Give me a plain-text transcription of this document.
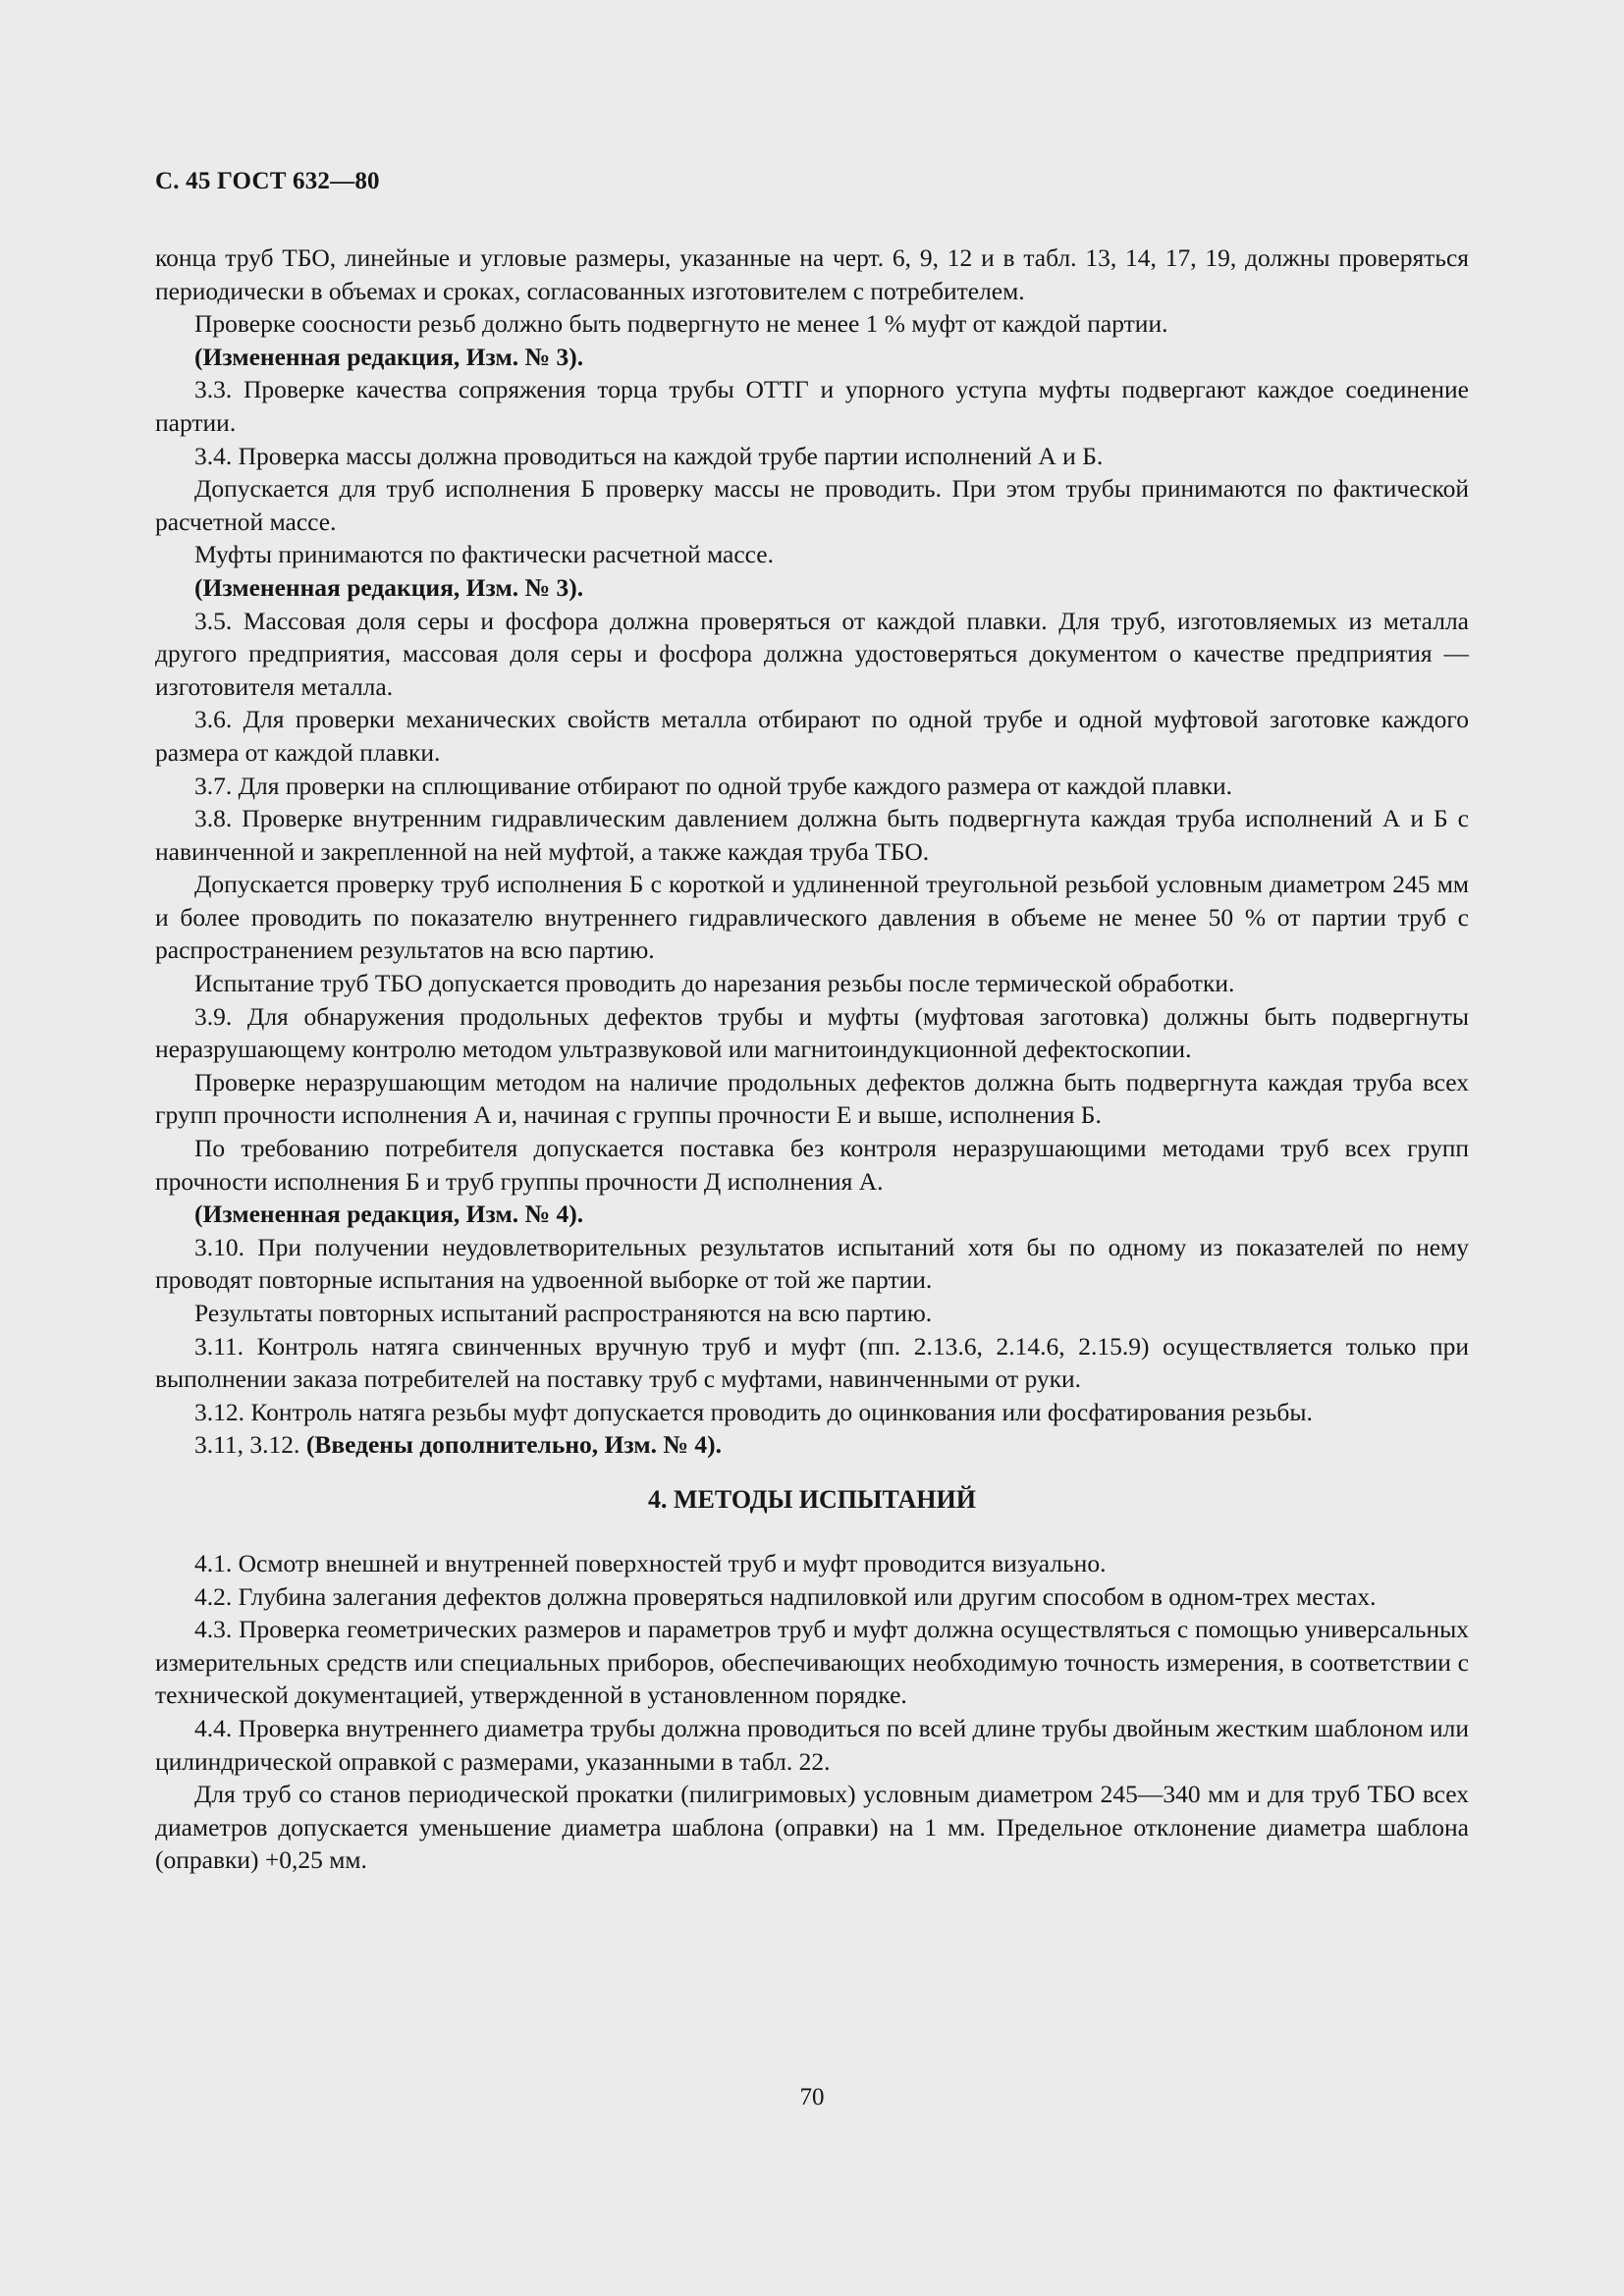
С. 45 ГОСТ 632—80

конца труб ТБО, линейные и угловые размеры, указанные на черт. 6, 9, 12 и в табл. 13, 14, 17, 19, должны проверяться периодически в объемах и сроках, согласованных изготовителем с потребителем.

Проверке соосности резьб должно быть подвергнуто не менее 1 % муфт от каждой партии.

(Измененная редакция, Изм. № 3).

3.3. Проверке качества сопряжения торца трубы ОТТГ и упорного уступа муфты подвергают каждое соединение партии.

3.4. Проверка массы должна проводиться на каждой трубе партии исполнений А и Б.

Допускается для труб исполнения Б проверку массы не проводить. При этом трубы принимаются по фактической расчетной массе.

Муфты принимаются по фактически расчетной массе.

(Измененная редакция, Изм. № 3).

3.5. Массовая доля серы и фосфора должна проверяться от каждой плавки. Для труб, изготовляемых из металла другого предприятия, массовая доля серы и фосфора должна удостоверяться документом о качестве предприятия — изготовителя металла.

3.6. Для проверки механических свойств металла отбирают по одной трубе и одной муфтовой заготовке каждого размера от каждой плавки.

3.7. Для проверки на сплющивание отбирают по одной трубе каждого размера от каждой плавки.

3.8. Проверке внутренним гидравлическим давлением должна быть подвергнута каждая труба исполнений А и Б с навинченной и закрепленной на ней муфтой, а также каждая труба ТБО.

Допускается проверку труб исполнения Б с короткой и удлиненной треугольной резьбой условным диаметром 245 мм и более проводить по показателю внутреннего гидравлического давления в объеме не менее 50 % от партии труб с распространением результатов на всю партию.

Испытание труб ТБО допускается проводить до нарезания резьбы после термической обработки.

3.9. Для обнаружения продольных дефектов трубы и муфты (муфтовая заготовка) должны быть подвергнуты неразрушающему контролю методом ультразвуковой или магнитоиндукционной дефектоскопии.

Проверке неразрушающим методом на наличие продольных дефектов должна быть подвергнута каждая труба всех групп прочности исполнения А и, начиная с группы прочности Е и выше, исполнения Б.

По требованию потребителя допускается поставка без контроля неразрушающими методами труб всех групп прочности исполнения Б и труб группы прочности Д исполнения А.

(Измененная редакция, Изм. № 4).

3.10. При получении неудовлетворительных результатов испытаний хотя бы по одному из показателей по нему проводят повторные испытания на удвоенной выборке от той же партии.

Результаты повторных испытаний распространяются на всю партию.

3.11. Контроль натяга свинченных вручную труб и муфт (пп. 2.13.6, 2.14.6, 2.15.9) осуществляется только при выполнении заказа потребителей на поставку труб с муфтами, навинченными от руки.

3.12. Контроль натяга резьбы муфт допускается проводить до оцинкования или фосфатирования резьбы.

3.11, 3.12. (Введены дополнительно, Изм. № 4).

4. МЕТОДЫ ИСПЫТАНИЙ

4.1. Осмотр внешней и внутренней поверхностей труб и муфт проводится визуально.

4.2. Глубина залегания дефектов должна проверяться надпиловкой или другим способом в одном-трех местах.

4.3. Проверка геометрических размеров и параметров труб и муфт должна осуществляться с помощью универсальных измерительных средств или специальных приборов, обеспечивающих необходимую точность измерения, в соответствии с технической документацией, утвержденной в установленном порядке.

4.4. Проверка внутреннего диаметра трубы должна проводиться по всей длине трубы двойным жестким шаблоном или цилиндрической оправкой с размерами, указанными в табл. 22.

Для труб со станов периодической прокатки (пилигримовых) условным диаметром 245—340 мм и для труб ТБО всех диаметров допускается уменьшение диаметра шаблона (оправки) на 1 мм. Предельное отклонение диаметра шаблона (оправки) +0,25 мм.

70
